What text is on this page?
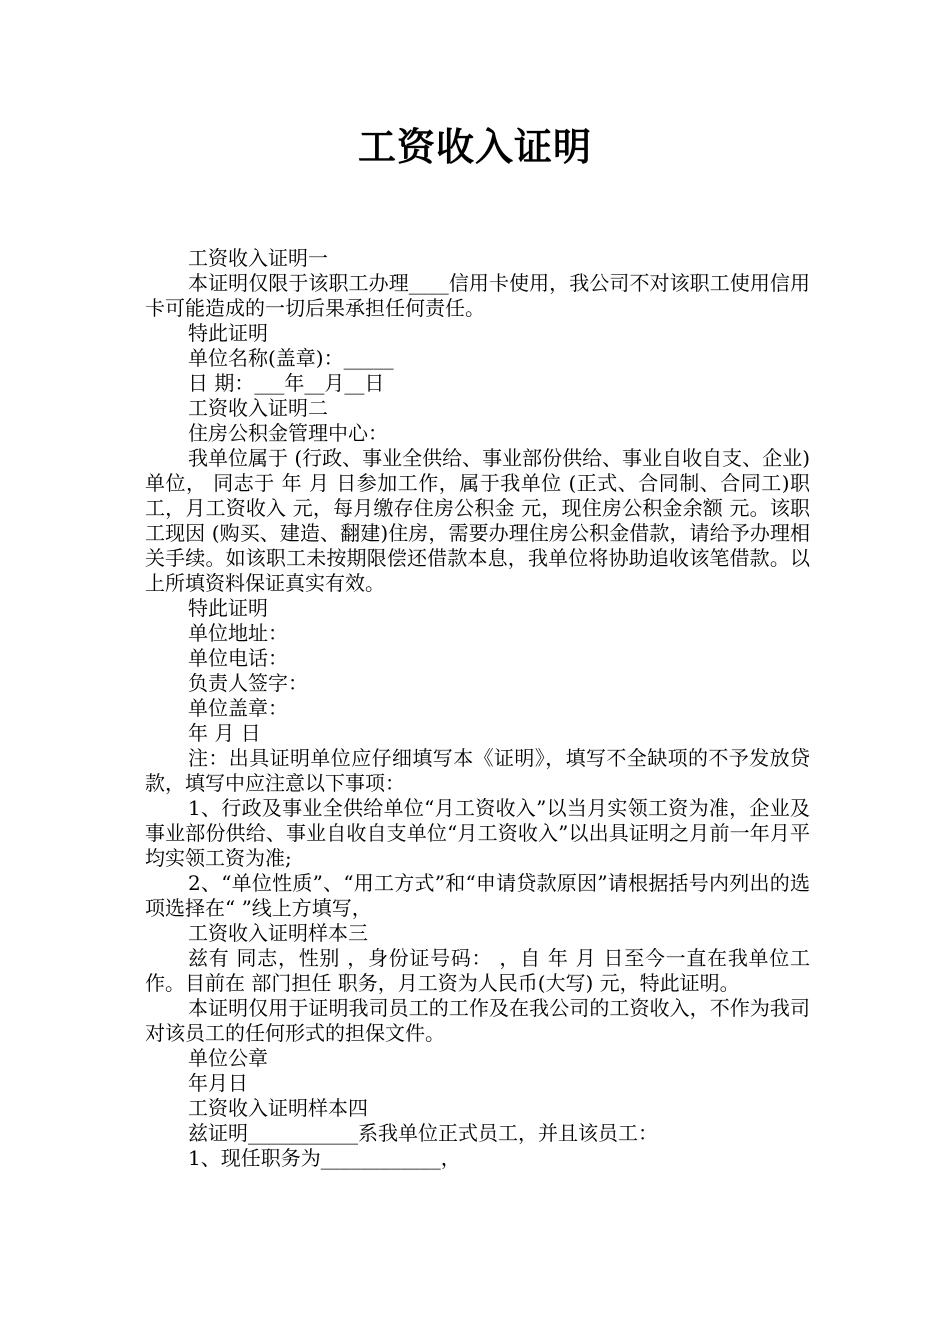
工资收入证明

工资收入证明一

本证明仅限于该职工办理____信用卡使用，我公司不对该职工使用信用卡可能造成的一切后果承担任何责任。

特此证明

单位名称(盖章)：_____

日 期：___年__月__日

工资收入证明二

住房公积金管理中心：

我单位属于 (行政、事业全供给、事业部份供给、事业自收自支、企业)单位， 同志于 年 月 日参加工作，属于我单位 (正式、合同制、合同工)职工，月工资收入 元，每月缴存住房公积金 元，现住房公积金余额 元。该职工现因 (购买、建造、翻建)住房，需要办理住房公积金借款，请给予办理相关手续。如该职工未按期限偿还借款本息，我单位将协助追收该笔借款。以上所填资料保证真实有效。

特此证明

单位地址：

单位电话：

负责人签字：

单位盖章：

年 月 日

注：出具证明单位应仔细填写本《证明》，填写不全缺项的不予发放贷款，填写中应注意以下事项：

1、行政及事业全供给单位“月工资收入”以当月实领工资为准，企业及事业部份供给、事业自收自支单位“月工资收入”以出具证明之月前一年月平均实领工资为准;

2、“单位性质”、“用工方式”和“申请贷款原因”请根据括号内列出的选项选择在“ ”线上方填写，

工资收入证明样本三

兹有 同志，性别 ，身份证号码： ，自 年 月 日至今一直在我单位工作。目前在 部门担任 职务，月工资为人民币(大写) 元，特此证明。

本证明仅用于证明我司员工的工作及在我公司的工资收入，不作为我司对该员工的任何形式的担保文件。

单位公章

年月日

工资收入证明样本四

兹证明___________系我单位正式员工，并且该员工：

1、现任职务为____________，
